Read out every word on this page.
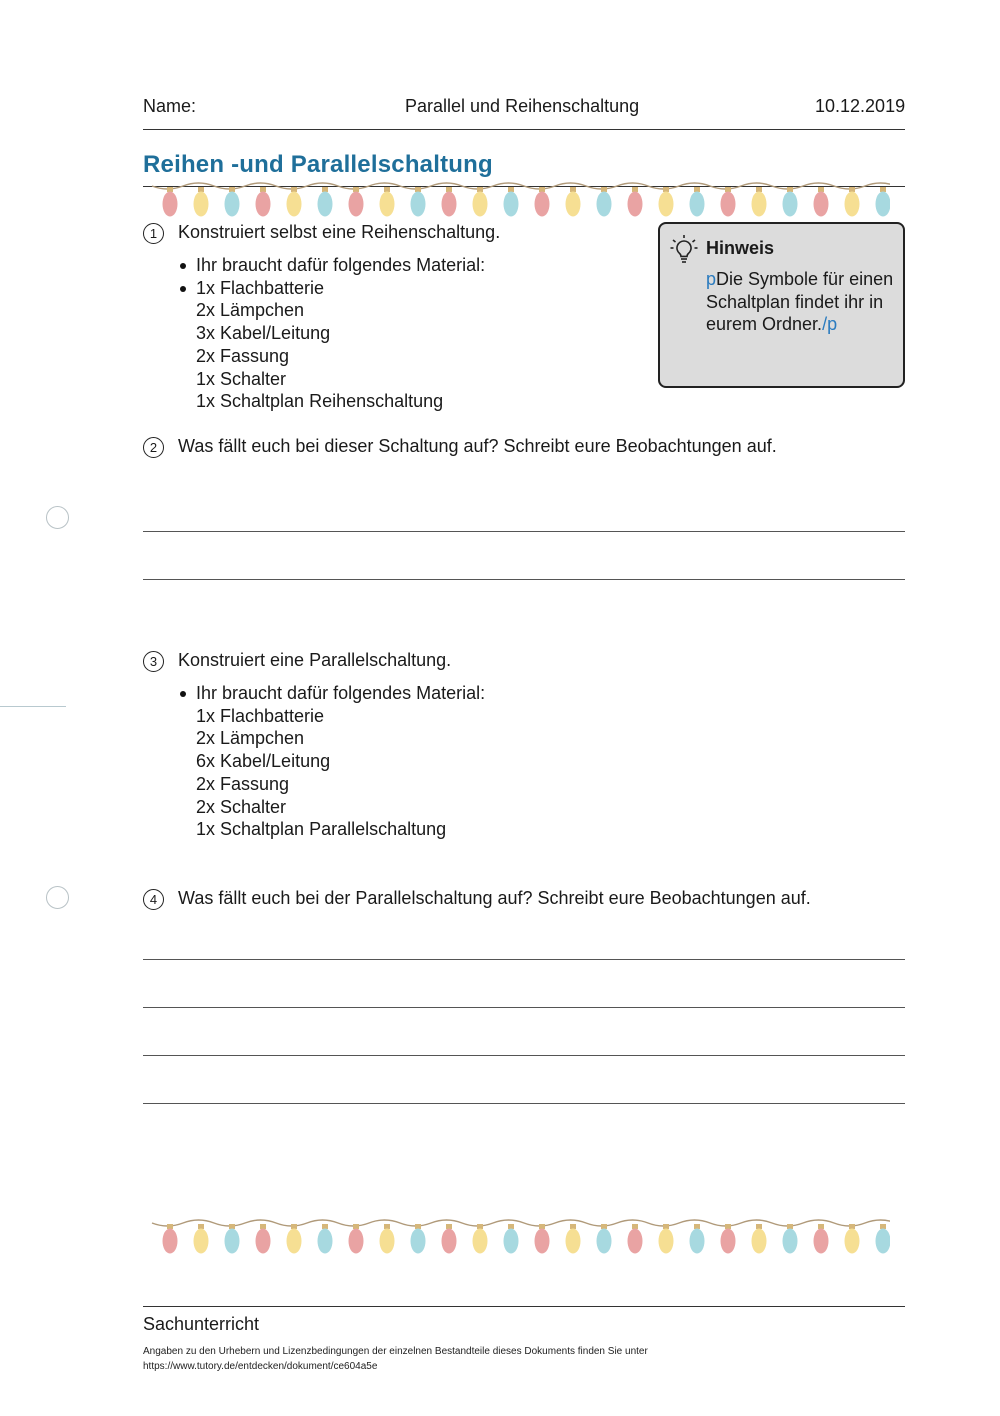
Name:	Parallel und Reihenschaltung	10.12.2019
Reihen -und Parallelschaltung
1	Konstruiert selbst eine Reihenschaltung.
Ihr braucht dafür folgendes Material:
1x Flachbatterie
2x Lämpchen
3x Kabel/Leitung
2x Fassung
1x Schalter
1x Schaltplan Reihenschaltung
Hinweis
pDie Symbole für einen Schaltplan findet ihr in eurem Ordner./p
2	Was fällt euch bei dieser Schaltung auf? Schreibt eure Beobachtungen auf.
3	Konstruiert eine Parallelschaltung.
Ihr braucht dafür folgendes Material:
1x Flachbatterie
2x Lämpchen
6x Kabel/Leitung
2x Fassung
2x Schalter
1x Schaltplan Parallelschaltung
4	Was fällt euch bei der Parallelschaltung auf? Schreibt eure Beobachtungen auf.
Sachunterricht
Angaben zu den Urhebern und Lizenzbedingungen der einzelnen Bestandteile dieses Dokuments finden Sie unter
https://www.tutory.de/entdecken/dokument/ce604a5e
